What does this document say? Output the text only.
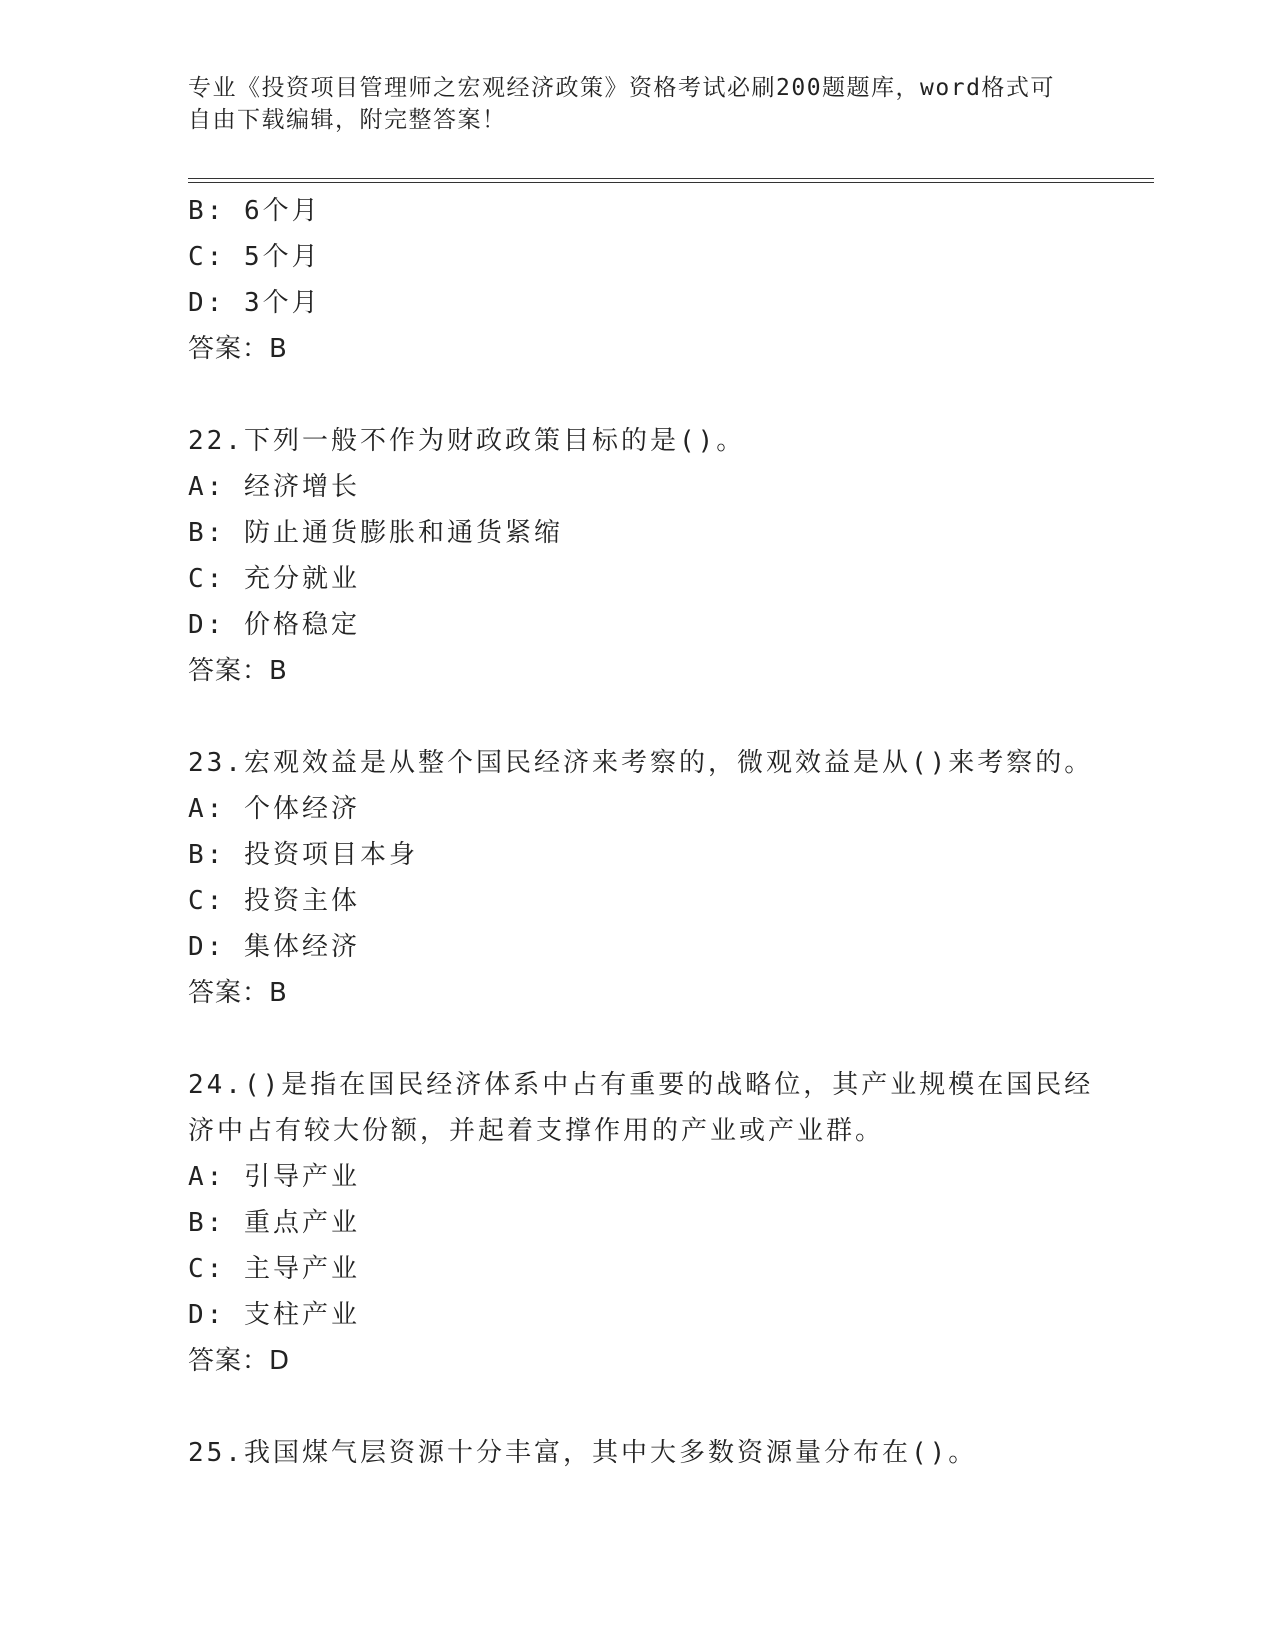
专业《投资项目管理师之宏观经济政策》资格考试必刷200题题库，word格式可
自由下载编辑，附完整答案！
B: 6个月
C: 5个月
D: 3个月
答案：B
22.下列一般不作为财政政策目标的是()。
A: 经济增长
B: 防止通货膨胀和通货紧缩
C: 充分就业
D: 价格稳定
答案：B
23.宏观效益是从整个国民经济来考察的，微观效益是从()来考察的。
A: 个体经济
B: 投资项目本身
C: 投资主体
D: 集体经济
答案：B
24.()是指在国民经济体系中占有重要的战略位，其产业规模在国民经
济中占有较大份额，并起着支撑作用的产业或产业群。
A: 引导产业
B: 重点产业
C: 主导产业
D: 支柱产业
答案：D
25.我国煤气层资源十分丰富，其中大多数资源量分布在()。
